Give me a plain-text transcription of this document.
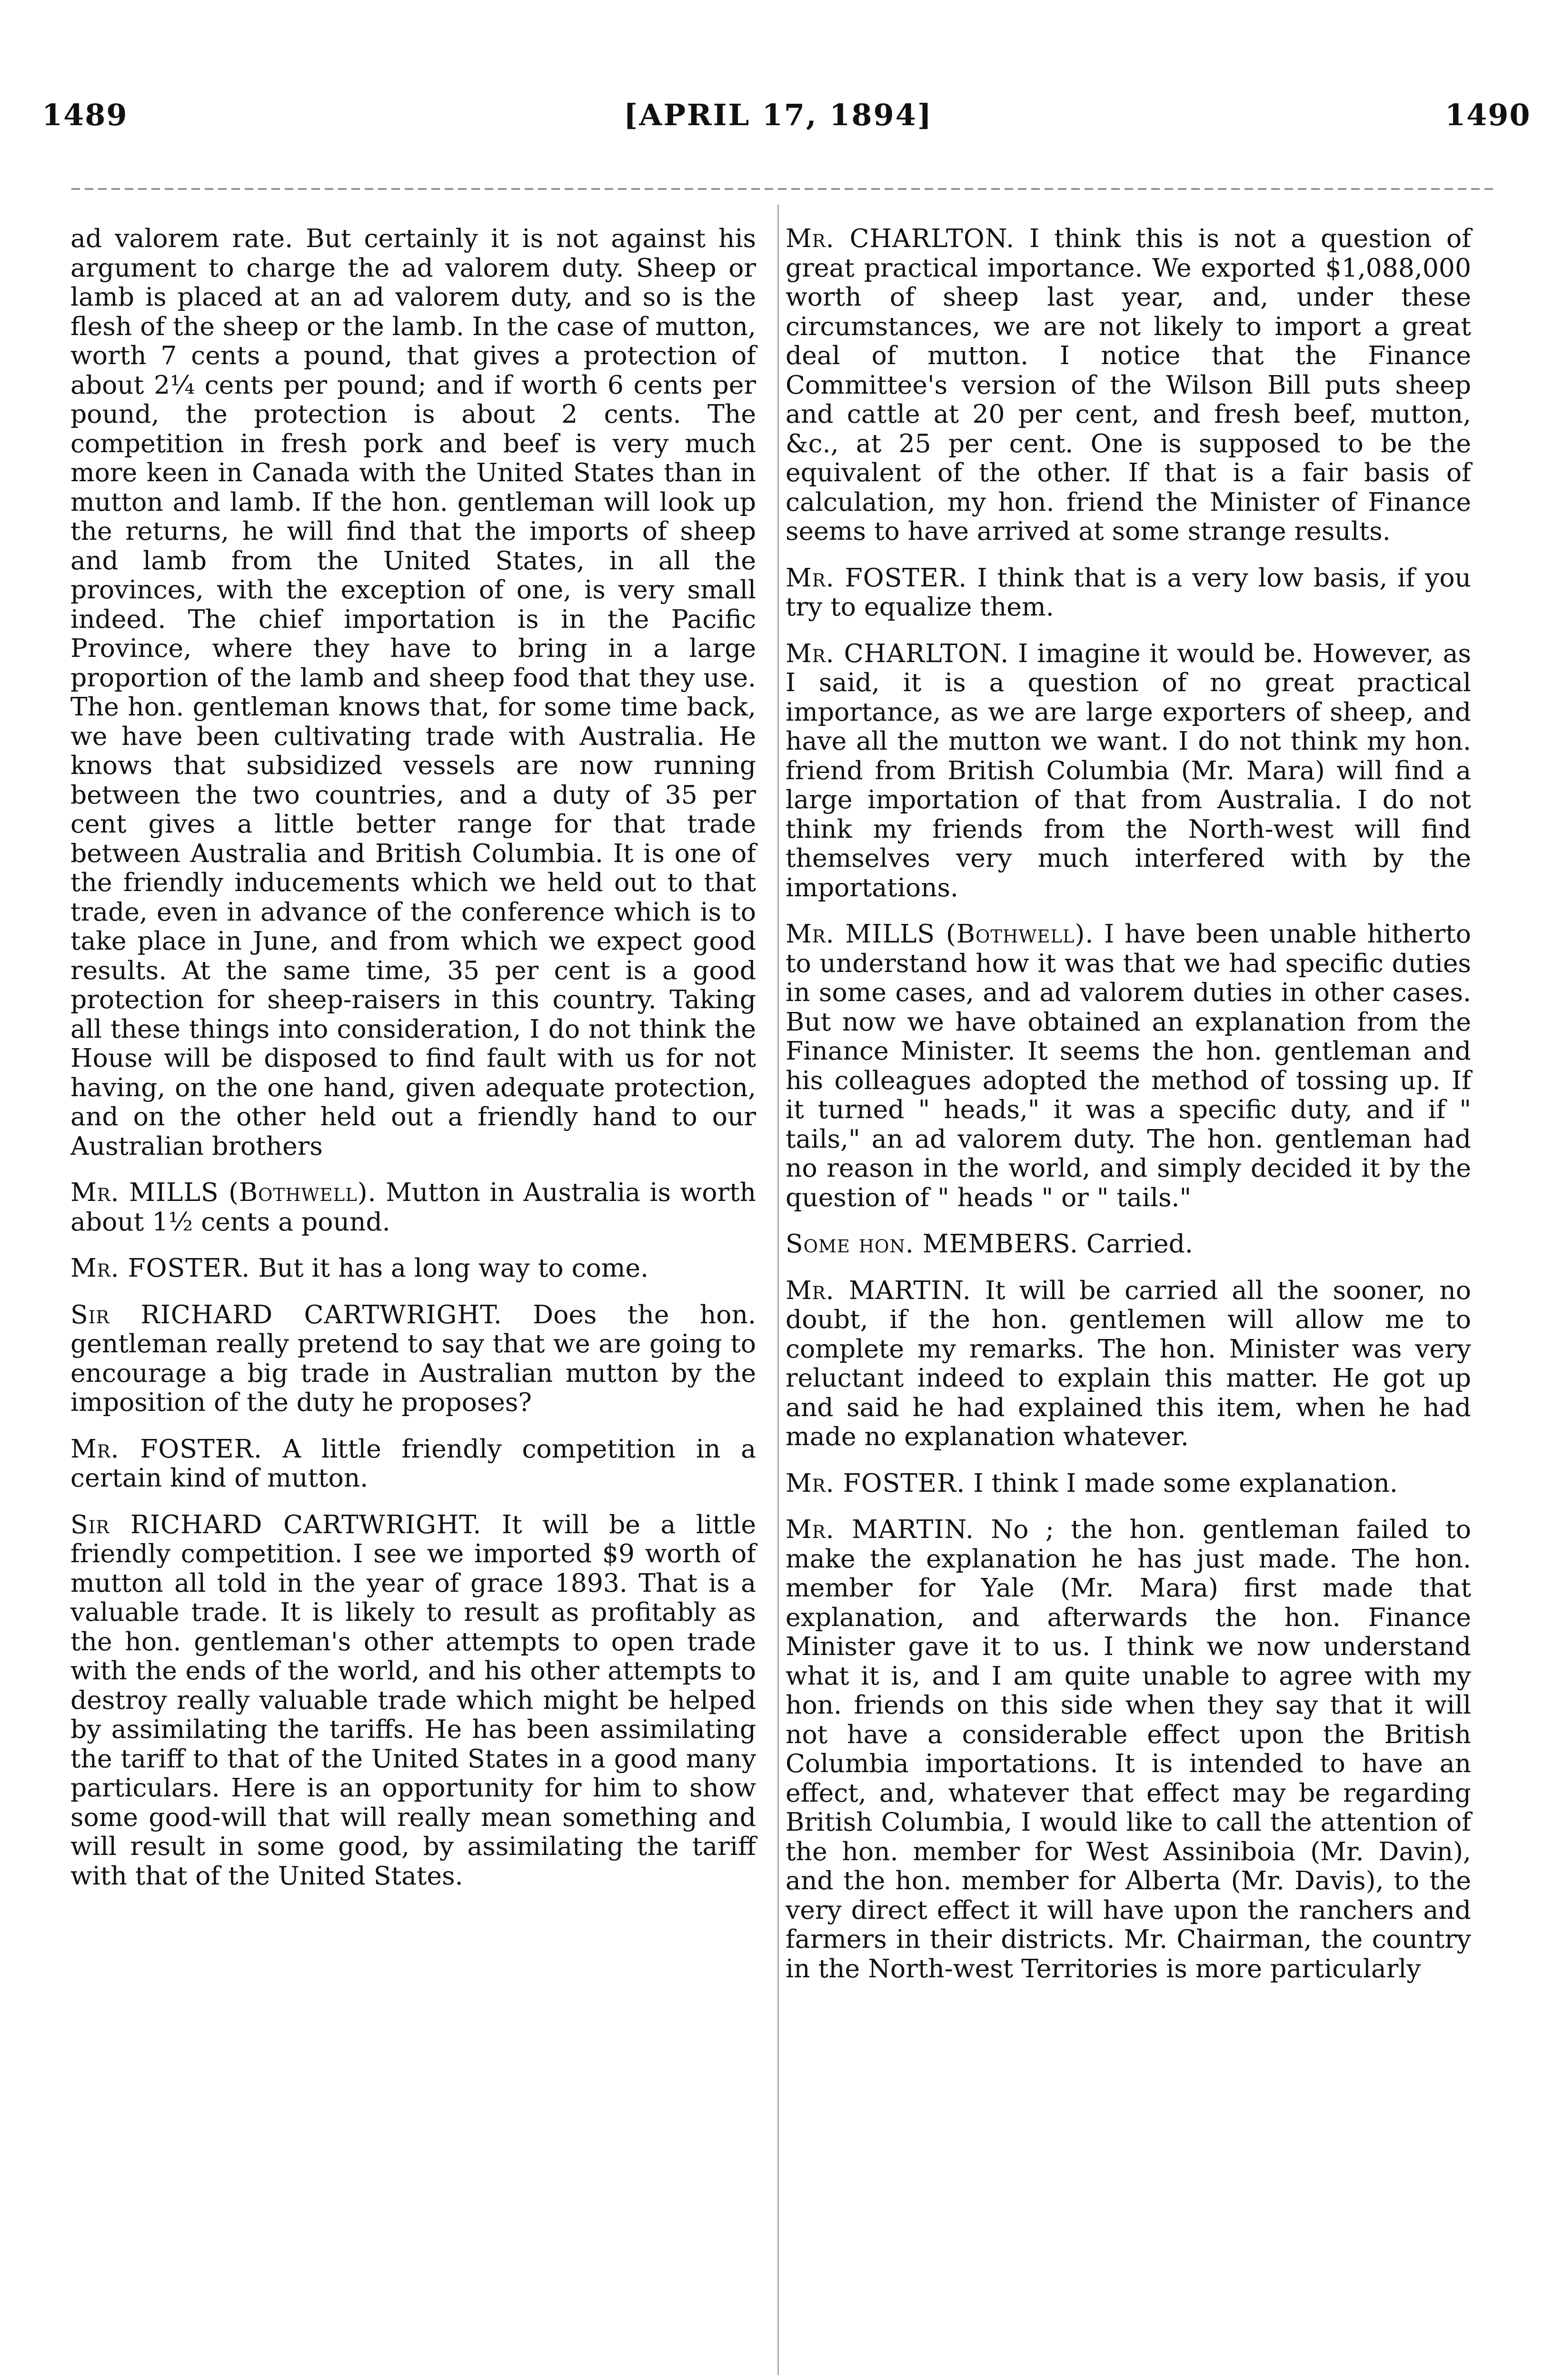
1489	[APRIL 17, 1894]	1490

ad valorem rate. But certainly it is not against his argument to charge the ad valorem duty. Sheep or lamb is placed at an ad valorem duty, and so is the flesh of the sheep or the lamb. In the case of mutton, worth 7 cents a pound, that gives a protection of about 2¼ cents per pound; and if worth 6 cents per pound, the protection is about 2 cents. The competition in fresh pork and beef is very much more keen in Canada with the United States than in mutton and lamb. If the hon. gentleman will look up the returns, he will find that the imports of sheep and lamb from the United States, in all the provinces, with the exception of one, is very small indeed. The chief importation is in the Pacific Province, where they have to bring in a large proportion of the lamb and sheep food that they use. The hon. gentleman knows that, for some time back, we have been cultivating trade with Australia. He knows that subsidized vessels are now running between the two countries, and a duty of 35 per cent gives a little better range for that trade between Australia and British Columbia. It is one of the friendly inducements which we held out to that trade, even in advance of the conference which is to take place in June, and from which we expect good results. At the same time, 35 per cent is a good protection for sheep-raisers in this country. Taking all these things into consideration, I do not think the House will be disposed to find fault with us for not having, on the one hand, given adequate protection, and on the other held out a friendly hand to our Australian brothers

Mr. MILLS (Bothwell). Mutton in Australia is worth about 1½ cents a pound.

Mr. FOSTER. But it has a long way to come.

Sir RICHARD CARTWRIGHT. Does the hon. gentleman really pretend to say that we are going to encourage a big trade in Australian mutton by the imposition of the duty he proposes?

Mr. FOSTER. A little friendly competition in a certain kind of mutton.

Sir RICHARD CARTWRIGHT. It will be a little friendly competition. I see we imported $9 worth of mutton all told in the year of grace 1893. That is a valuable trade. It is likely to result as profitably as the hon. gentleman's other attempts to open trade with the ends of the world, and his other attempts to destroy really valuable trade which might be helped by assimilating the tariffs. He has been assimilating the tariff to that of the United States in a good many particulars. Here is an opportunity for him to show some good-will that will really mean something and will result in some good, by assimilating the tariff with that of the United States.

Mr. CHARLTON. I think this is not a question of great practical importance. We exported $1,088,000 worth of sheep last year, and, under these circumstances, we are not likely to import a great deal of mutton. I notice that the Finance Committee's version of the Wilson Bill puts sheep and cattle at 20 per cent, and fresh beef, mutton, &c., at 25 per cent. One is supposed to be the equivalent of the other. If that is a fair basis of calculation, my hon. friend the Minister of Finance seems to have arrived at some strange results.

Mr. FOSTER. I think that is a very low basis, if you try to equalize them.

Mr. CHARLTON. I imagine it would be. However, as I said, it is a question of no great practical importance, as we are large exporters of sheep, and have all the mutton we want. I do not think my hon. friend from British Columbia (Mr. Mara) will find a large importation of that from Australia. I do not think my friends from the North-west will find themselves very much interfered with by the importations.

Mr. MILLS (Bothwell). I have been unable hitherto to understand how it was that we had specific duties in some cases, and ad valorem duties in other cases. But now we have obtained an explanation from the Finance Minister. It seems the hon. gentleman and his colleagues adopted the method of tossing up. If it turned " heads," it was a specific duty, and if " tails," an ad valorem duty. The hon. gentleman had no reason in the world, and simply decided it by the question of " heads " or " tails."

Some hon. MEMBERS. Carried.

Mr. MARTIN. It will be carried all the sooner, no doubt, if the hon. gentlemen will allow me to complete my remarks. The hon. Minister was very reluctant indeed to explain this matter. He got up and said he had explained this item, when he had made no explanation whatever.

Mr. FOSTER. I think I made some explanation.

Mr. MARTIN. No ; the hon. gentleman failed to make the explanation he has just made. The hon. member for Yale (Mr. Mara) first made that explanation, and afterwards the hon. Finance Minister gave it to us. I think we now understand what it is, and I am quite unable to agree with my hon. friends on this side when they say that it will not have a considerable effect upon the British Columbia importations. It is intended to have an effect, and, whatever that effect may be regarding British Columbia, I would like to call the attention of the hon. member for West Assiniboia (Mr. Davin), and the hon. member for Alberta (Mr. Davis), to the very direct effect it will have upon the ranchers and farmers in their districts. Mr. Chairman, the country in the North-west Territories is more particularly
